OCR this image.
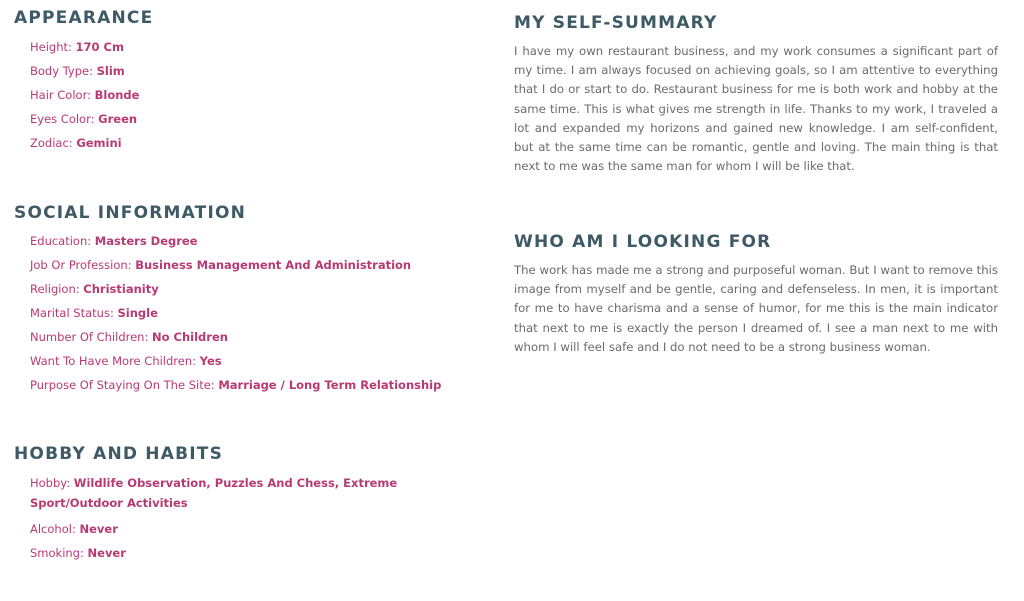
APPEARANCE
Height: 170 Cm
Body Type: Slim
Hair Color: Blonde
Eyes Color: Green
Zodiac: Gemini
SOCIAL INFORMATION
Education: Masters Degree
Job Or Profession: Business Management And Administration
Religion: Christianity
Marital Status: Single
Number Of Children: No Children
Want To Have More Children: Yes
Purpose Of Staying On The Site: Marriage / Long Term Relationship
HOBBY AND HABITS
Hobby: Wildlife Observation, Puzzles And Chess, Extreme Sport/Outdoor Activities
Alcohol: Never
Smoking: Never
MY SELF-SUMMARY

I have my own restaurant business, and my work consumes a significant part of my time. I am always focused on achieving goals, so I am attentive to everything that I do or start to do. Restaurant business for me is both work and hobby at the same time. This is what gives me strength in life. Thanks to my work, I traveled a lot and expanded my horizons and gained new knowledge. I am self-confident, but at the same time can be romantic, gentle and loving. The main thing is that next to me was the same man for whom I will be like that.

WHO AM I LOOKING FOR

The work has made me a strong and purposeful woman. But I want to remove this image from myself and be gentle, caring and defenseless. In men, it is important for me to have charisma and a sense of humor, for me this is the main indicator that next to me is exactly the person I dreamed of. I see a man next to me with whom I will feel safe and I do not need to be a strong business woman.
